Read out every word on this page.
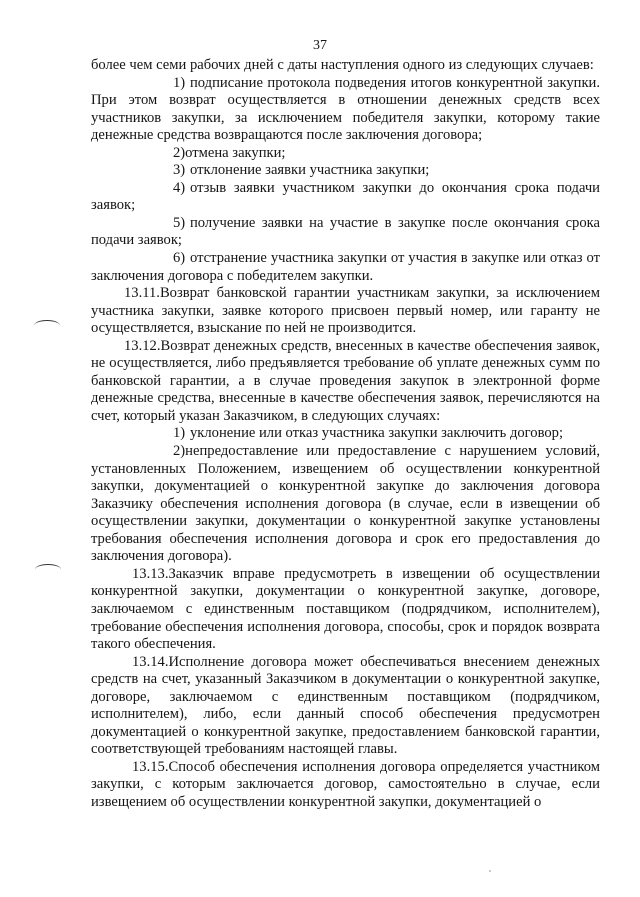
37

более чем семи рабочих дней с даты наступления одного из следующих случаев:

1) подписание протокола подведения итогов конкурентной закупки. При этом возврат осуществляется в отношении денежных средств всех участников закупки, за исключением победителя закупки, которому такие денежные средства возвращаются после заключения договора;

2)отмена закупки;

3) отклонение заявки участника закупки;

4) отзыв заявки участником закупки до окончания срока подачи заявок;

5) получение заявки на участие в закупке после окончания срока подачи заявок;

6) отстранение участника закупки от участия в закупке или отказ от заключения договора с победителем закупки.

13.11.Возврат банковской гарантии участникам закупки, за исключением участника закупки, заявке которого присвоен первый номер, или гаранту не осуществляется, взыскание по ней не производится.

13.12.Возврат денежных средств, внесенных в качестве обеспечения заявок, не осуществляется, либо предъявляется требование об уплате денежных сумм по банковской гарантии, а в случае проведения закупок в электронной форме денежные средства, внесенные в качестве обеспечения заявок, перечисляются на счет, который указан Заказчиком, в следующих случаях:

1) уклонение или отказ участника закупки заключить договор;

2)непредоставление или предоставление с нарушением условий, установленных Положением, извещением об осуществлении конкурентной закупки, документацией о конкурентной закупке до заключения договора Заказчику обеспечения исполнения договора (в случае, если в извещении об осуществлении закупки, документации о конкурентной закупке установлены требования обеспечения исполнения договора и срок его предоставления до заключения договора).

13.13.Заказчик вправе предусмотреть в извещении об осуществлении конкурентной закупки, документации о конкурентной закупке, договоре, заключаемом с единственным поставщиком (подрядчиком, исполнителем), требование обеспечения исполнения договора, способы, срок и порядок возврата такого обеспечения.

13.14.Исполнение договора может обеспечиваться внесением денежных средств на счет, указанный Заказчиком в документации о конкурентной закупке, договоре, заключаемом с единственным поставщиком (подрядчиком, исполнителем), либо, если данный способ обеспечения предусмотрен документацией о конкурентной закупке, предоставлением банковской гарантии, соответствующей требованиям настоящей главы.

13.15.Способ обеспечения исполнения договора определяется участником закупки, с которым заключается договор, самостоятельно в случае, если извещением об осуществлении конкурентной закупки, документацией о
